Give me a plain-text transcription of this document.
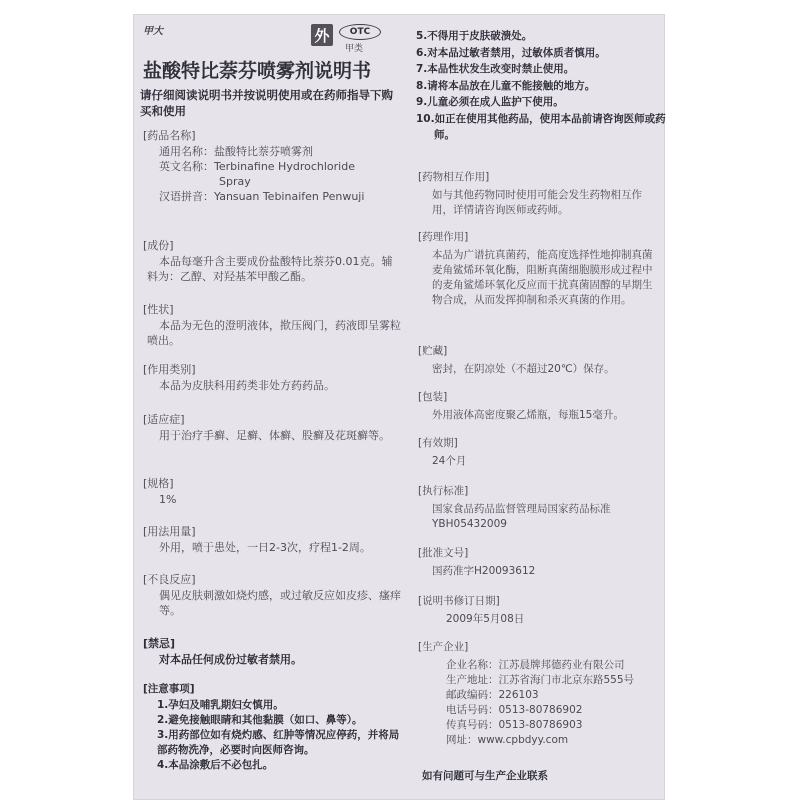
甲大	外	OTC
甲类
盐酸特比萘芬喷雾剂说明书
请仔细阅读说明书并按说明使用或在药师指导下购买和使用
[药品名称]
通用名称：盐酸特比萘芬喷雾剂
英文名称：Terbinafine Hydrochloride
Spray
汉语拼音：Yansuan Tebinaifen Penwuji
[成份]
本品每毫升含主要成份盐酸特比萘芬0.01克。辅料为：乙醇、对羟基苯甲酸乙酯。
[性状]
本品为无色的澄明液体，揿压阀门，药液即呈雾粒喷出。
[作用类别]
本品为皮肤科用药类非处方药药品。
[适应症]
用于治疗手癣、足癣、体癣、股癣及花斑癣等。
[规格]
1%
[用法用量]
外用，喷于患处，一日2-3次，疗程1-2周。
[不良反应]
偶见皮肤刺激如烧灼感，或过敏反应如皮疹、瘙痒等。
[禁忌]
对本品任何成份过敏者禁用。
[注意事项]
1.孕妇及哺乳期妇女慎用。
2.避免接触眼睛和其他黏膜（如口、鼻等）。
3.用药部位如有烧灼感、红肿等情况应停药，并将局部药物洗净，必要时向医师咨询。
4.本品涂敷后不必包扎。
5.不得用于皮肤破溃处。
6.对本品过敏者禁用，过敏体质者慎用。
7.本品性状发生改变时禁止使用。
8.请将本品放在儿童不能接触的地方。
9.儿童必须在成人监护下使用。
10.如正在使用其他药品，使用本品前请咨询医师或药师。
[药物相互作用]
如与其他药物同时使用可能会发生药物相互作用，详情请咨询医师或药师。
[药理作用]
本品为广谱抗真菌药，能高度选择性地抑制真菌麦角鲨烯环氧化酶，阻断真菌细胞膜形成过程中的麦角鲨烯环氧化反应而干扰真菌固醇的早期生物合成，从而发挥抑制和杀灭真菌的作用。
[贮藏]
密封，在阴凉处（不超过20℃）保存。
[包装]
外用液体高密度聚乙烯瓶，每瓶15毫升。
[有效期]
24个月
[执行标准]
国家食品药品监督管理局国家药品标准
YBH05432009
[批准文号]
国药准字H20093612
[说明书修订日期]
2009年5月08日
[生产企业]
企业名称：江苏晨牌邦德药业有限公司
生产地址：江苏省海门市北京东路555号
邮政编码：226103
电话号码：0513-80786902
传真号码：0513-80786903
网址：www.cpbdyy.com
如有问题可与生产企业联系
